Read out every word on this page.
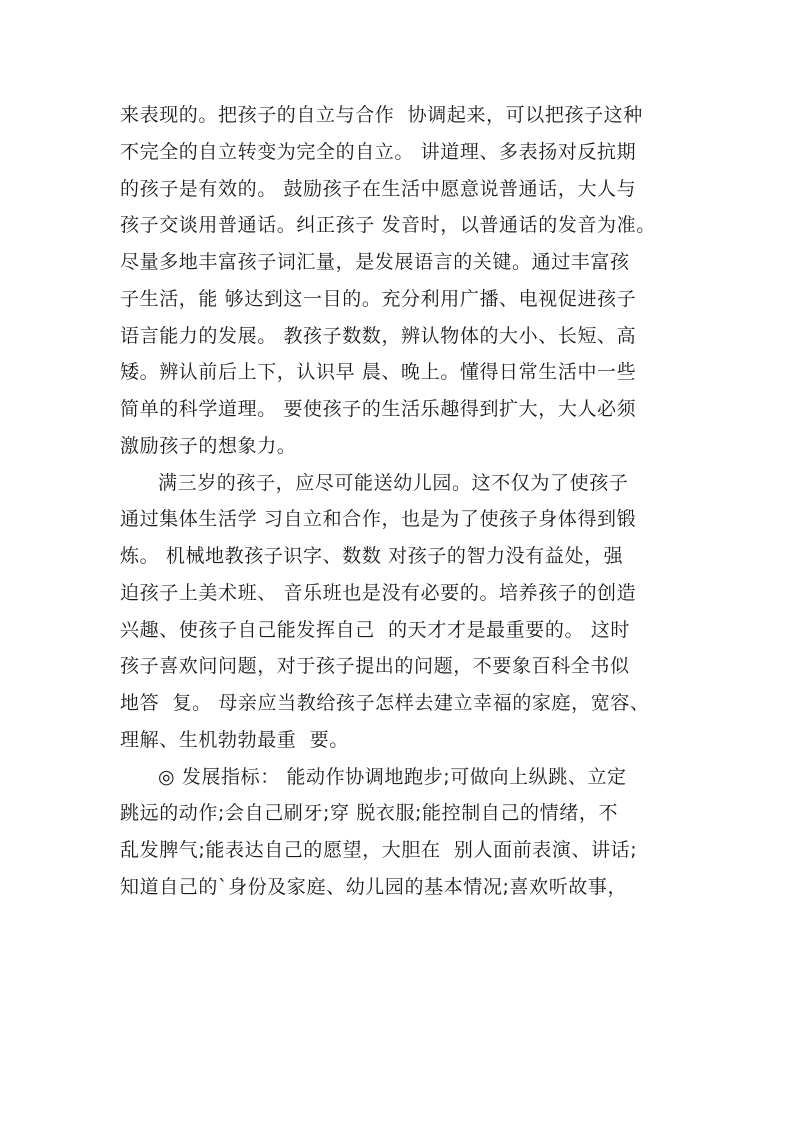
来表现的。把孩子的自立与合作  协调起来，可以把孩子这种
不完全的自立转变为完全的自立。 讲道理、多表扬对反抗期
的孩子是有效的。 鼓励孩子在生活中愿意说普通话，大人与
孩子交谈用普通话。纠正孩子 发音时，以普通话的发音为准。
尽量多地丰富孩子词汇量，是发展语言的关键。通过丰富孩
子生活，能 够达到这一目的。充分利用广播、电视促进孩子
语言能力的发展。 教孩子数数，辨认物体的大小、长短、高
矮。辨认前后上下，认识早 晨、晚上。懂得日常生活中一些
简单的科学道理。 要使孩子的生活乐趣得到扩大，大人必须
激励孩子的想象力。
满三岁的孩子，应尽可能送幼儿园。这不仅为了使孩子
通过集体生活学 习自立和合作，也是为了使孩子身体得到锻
炼。 机械地教孩子识字、数数 对孩子的智力没有益处，强
迫孩子上美术班、 音乐班也是没有必要的。培养孩子的创造
兴趣、使孩子自己能发挥自己  的天才才是最重要的。 这时
孩子喜欢问问题，对于孩子提出的问题，不要象百科全书似
地答  复。 母亲应当教给孩子怎样去建立幸福的家庭，宽容、
理解、生机勃勃最重  要。
◎ 发展指标： 能动作协调地跑步;可做向上纵跳、立定
跳远的动作;会自己刷牙;穿 脱衣服;能控制自己的情绪，不
乱发脾气;能表达自己的愿望，大胆在  别人面前表演、讲话;
知道自己的`身份及家庭、幼儿园的基本情况;喜欢听故事，
